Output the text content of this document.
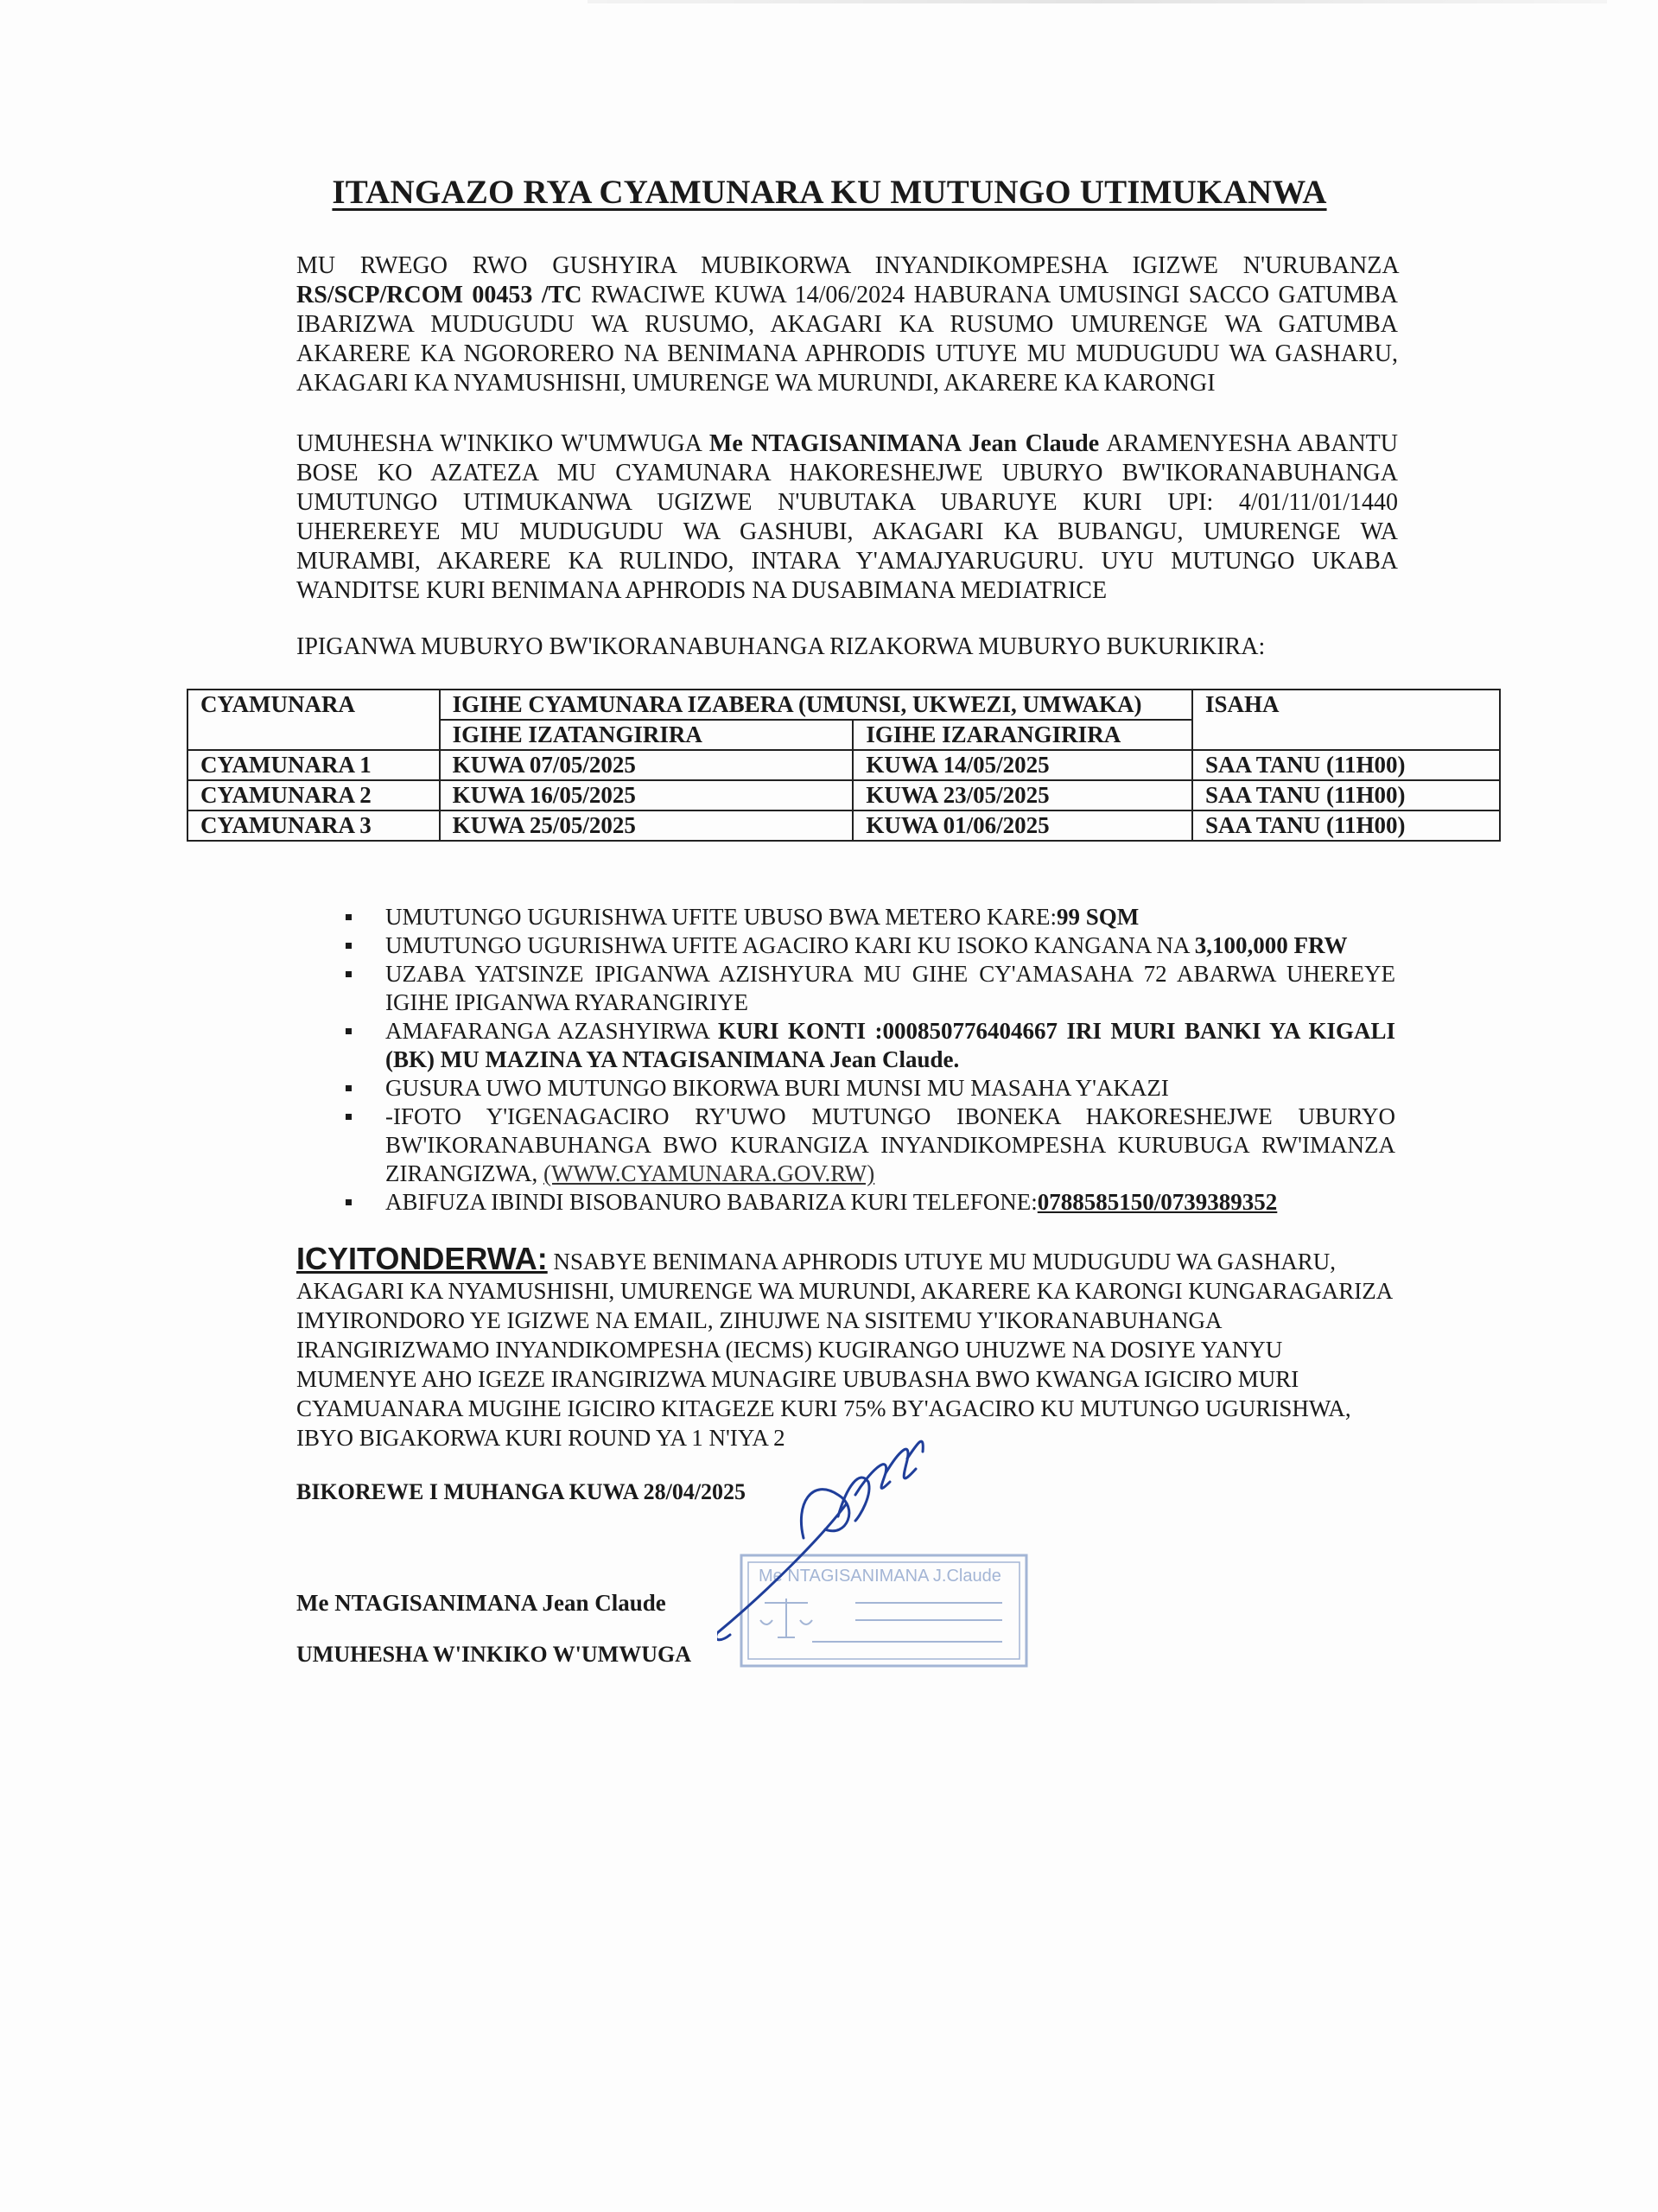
ITANGAZO RYA CYAMUNARA KU MUTUNGO UTIMUKANWA
MU RWEGO RWO GUSHYIRA MUBIKORWA INYANDIKOMPESHA IGIZWE N'URUBANZA RS/SCP/RCOM 00453 /TC RWACIWE KUWA 14/06/2024 HABURANA UMUSINGI SACCO GATUMBA IBARIZWA MUDUGUDU WA RUSUMO, AKAGARI KA RUSUMO UMURENGE WA GATUMBA AKARERE KA NGORORERO NA BENIMANA APHRODIS UTUYE MU MUDUGUDU WA GASHARU, AKAGARI KA NYAMUSHISHI, UMURENGE WA MURUNDI, AKARERE KA KARONGI
UMUHESHA W'INKIKO W'UMWUGA Me NTAGISANIMANA Jean Claude ARAMENYESHA ABANTU BOSE KO AZATEZA MU CYAMUNARA HAKORESHEJWE UBURYO BW'IKORANABUHANGA UMUTUNGO UTIMUKANWA UGIZWE N'UBUTAKA UBARUYE KURI UPI: 4/01/11/01/1440 UHEREREYE MU MUDUGUDU WA GASHUBI, AKAGARI KA BUBANGU, UMURENGE WA MURAMBI, AKARERE KA RULINDO, INTARA Y'AMAJYARUGURU. UYU MUTUNGO UKABA WANDITSE KURI BENIMANA APHRODIS NA DUSABIMANA MEDIATRICE
IPIGANWA MUBURYO BW'IKORANABUHANGA RIZAKORWA MUBURYO BUKURIKIRA:
CYAMUNARA	IGIHE CYAMUNARA IZABERA (UMUNSI, UKWEZI, UMWAKA)		ISAHA
	IGIHE IZATANGIRIRA	IGIHE IZARANGIRIRA	
CYAMUNARA 1	KUWA 07/05/2025	KUWA 14/05/2025	SAA TANU (11H00)
CYAMUNARA 2	KUWA 16/05/2025	KUWA 23/05/2025	SAA TANU (11H00)
CYAMUNARA 3	KUWA 25/05/2025	KUWA 01/06/2025	SAA TANU (11H00)
UMUTUNGO UGURISHWA UFITE UBUSO BWA METERO KARE:99 SQM
UMUTUNGO UGURISHWA UFITE AGACIRO KARI KU ISOKO KANGANA NA 3,100,000 FRW
UZABA YATSINZE IPIGANWA AZISHYURA MU GIHE CY'AMASAHA 72 ABARWA UHEREYE IGIHE IPIGANWA RYARANGIRIYE
AMAFARANGA AZASHYIRWA KURI KONTI :000850776404667 IRI MURI BANKI YA KIGALI (BK) MU MAZINA YA NTAGISANIMANA Jean Claude.
GUSURA UWO MUTUNGO BIKORWA BURI MUNSI MU MASAHA Y'AKAZI
-IFOTO Y'IGENAGACIRO RY'UWO MUTUNGO IBONEKA HAKORESHEJWE UBURYO BW'IKORANABUHANGA BWO KURANGIZA INYANDIKOMPESHA KURUBUGA RW'IMANZA ZIRANGIZWA, (WWW.CYAMUNARA.GOV.RW)
ABIFUZA IBINDI BISOBANURO BABARIZA KURI TELEFONE:0788585150/0739389352
ICYITONDERWA: NSABYE BENIMANA APHRODIS UTUYE MU MUDUGUDU WA GASHARU, AKAGARI KA NYAMUSHISHI, UMURENGE WA MURUNDI, AKARERE KA KARONGI KUNGARAGARIZA IMYIRONDORO YE IGIZWE NA EMAIL, ZIHUJWE NA SISITEMU Y'IKORANABUHANGA IRANGIRIZWAMO INYANDIKOMPESHA (IECMS) KUGIRANGO UHUZWE NA DOSIYE YANYU MUMENYE AHO IGEZE IRANGIRIZWA MUNAGIRE UBUBASHA BWO KWANGA IGICIRO MURI CYAMUANARA MUGIHE IGICIRO KITAGEZE KURI 75% BY'AGACIRO KU MUTUNGO UGURISHWA, IBYO BIGAKORWA KURI ROUND YA 1 N'IYA 2
BIKOREWE I MUHANGA KUWA 28/04/2025
Me NTAGISANIMANA Jean Claude
UMUHESHA W'INKIKO W'UMWUGA
Me NTAGISANIMANA J.Claude
